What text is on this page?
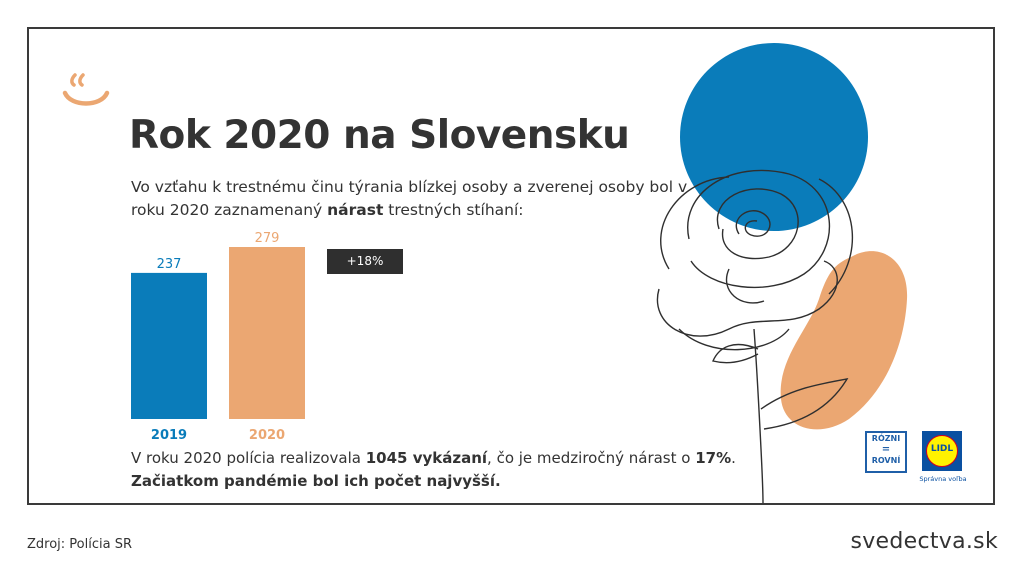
Rok 2020 na Slovensku

Vo vzťahu k trestnému činu týrania blízkej osoby a zverenej osoby bol v roku 2020 zaznamenaný nárast trestných stíhaní:

237
2019
279
2020
+18%

V roku 2020 polícia realizovala 1045 vykázaní, čo je medziročný nárast o 17%.
Začiatkom pandémie bol ich počet najvyšší.

RÓZNI
=
ROVNÍ
LIDL
Správna voľba
Zdroj: Polícia SR	svedectva.sk
